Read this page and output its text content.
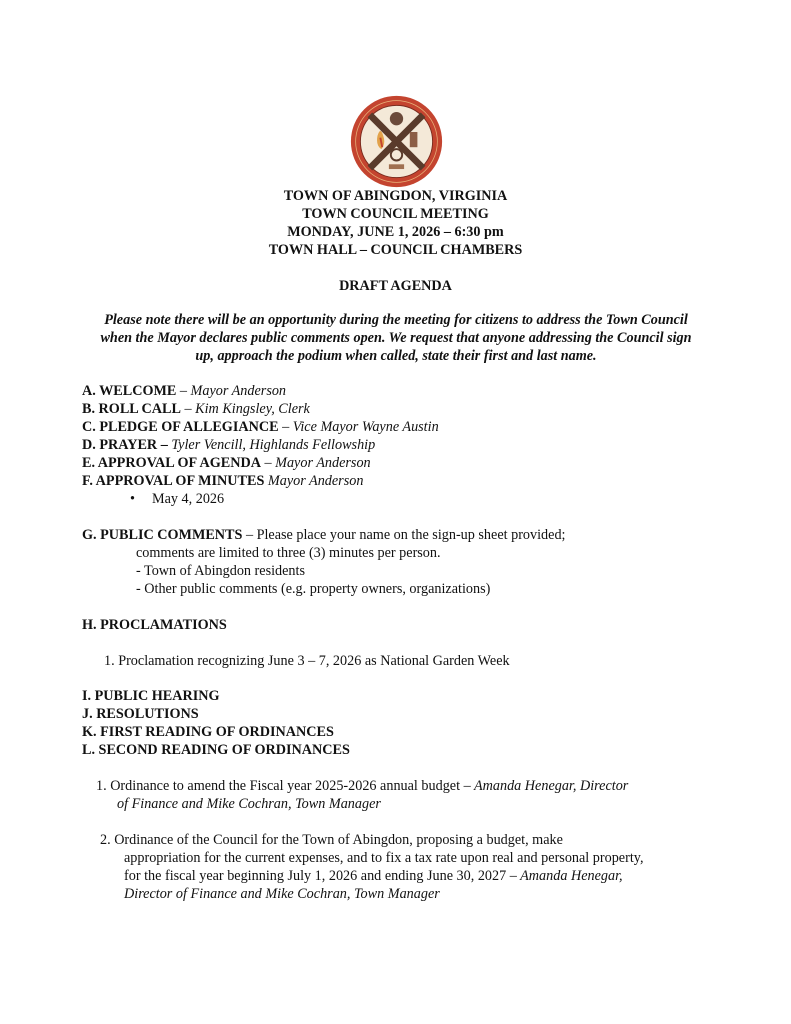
TOWN OF ABINGDON, VIRGINIA
TOWN COUNCIL MEETING
MONDAY, JUNE 1, 2026 – 6:30 pm
TOWN HALL – COUNCIL CHAMBERS
DRAFT AGENDA
Please note there will be an opportunity during the meeting for citizens to address the Town Council
when the Mayor declares public comments open. We request that anyone addressing the Council sign
up, approach the podium when called, state their first and last name.
A. WELCOME – Mayor Anderson
B. ROLL CALL – Kim Kingsley, Clerk
C. PLEDGE OF ALLEGIANCE – Vice Mayor Wayne Austin
D. PRAYER – Tyler Vencill, Highlands Fellowship
E. APPROVAL OF AGENDA – Mayor Anderson
F. APPROVAL OF MINUTES Mayor Anderson
• May 4, 2026
G. PUBLIC COMMENTS – Please place your name on the sign-up sheet provided;
comments are limited to three (3) minutes per person.
- Town of Abingdon residents
- Other public comments (e.g. property owners, organizations)
H. PROCLAMATIONS
1. Proclamation recognizing June 3 – 7, 2026 as National Garden Week
I. PUBLIC HEARING
J. RESOLUTIONS
K. FIRST READING OF ORDINANCES
L. SECOND READING OF ORDINANCES
1. Ordinance to amend the Fiscal year 2025-2026 annual budget – Amanda Henegar, Director
of Finance and Mike Cochran, Town Manager
2. Ordinance of the Council for the Town of Abingdon, proposing a budget, make
appropriation for the current expenses, and to fix a tax rate upon real and personal property,
for the fiscal year beginning July 1, 2026 and ending June 30, 2027 – Amanda Henegar,
Director of Finance and Mike Cochran, Town Manager
